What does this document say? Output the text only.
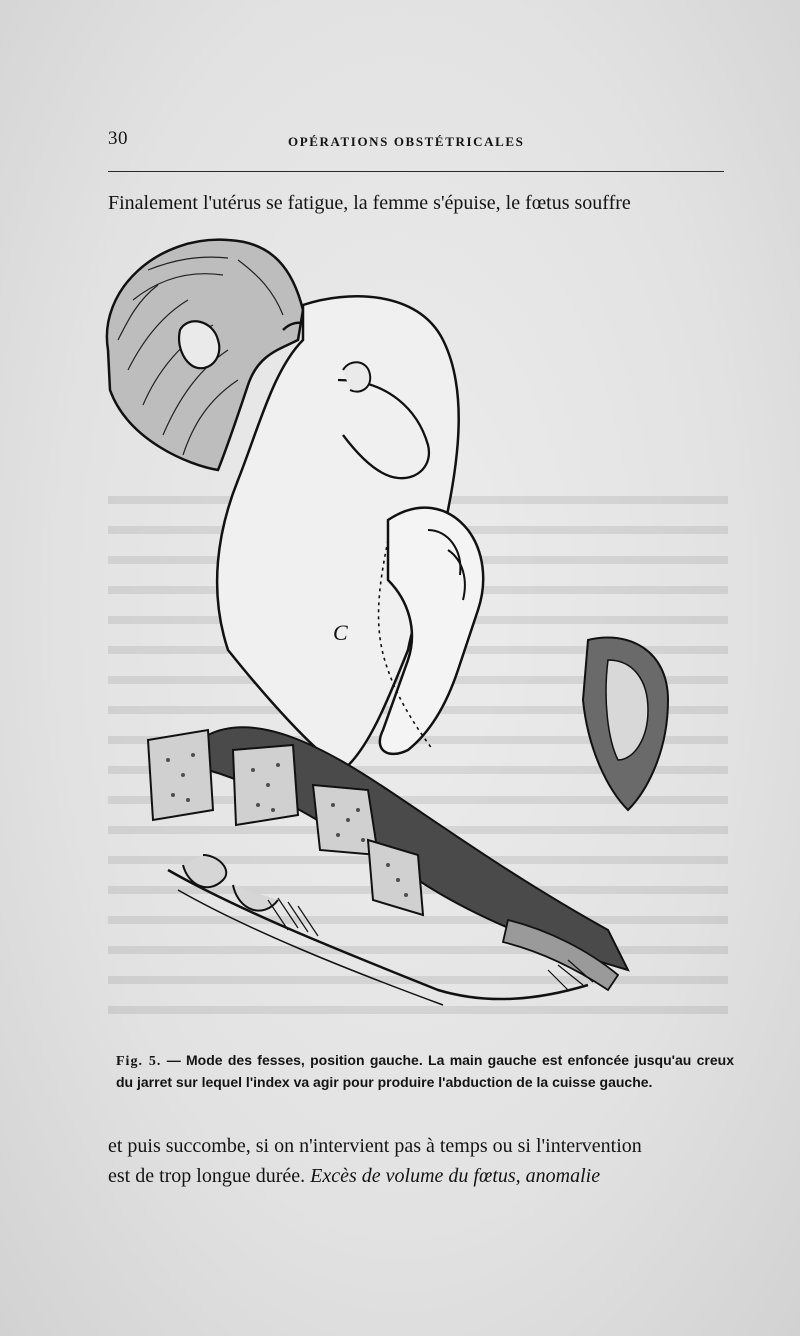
30	OPÉRATIONS OBSTÉTRICALES
Finalement l'utérus se fatigue, la femme s'épuise, le fœtus souffre
C
Fig. 5. — Mode des fesses, position gauche. La main gauche est enfoncée jusqu'au creux du jarret sur lequel l'index va agir pour produire l'abduction de la cuisse gauche.
et puis succombe, si on n'intervient pas à temps ou si l'intervention
est de trop longue durée. Excès de volume du fœtus, anomalie
